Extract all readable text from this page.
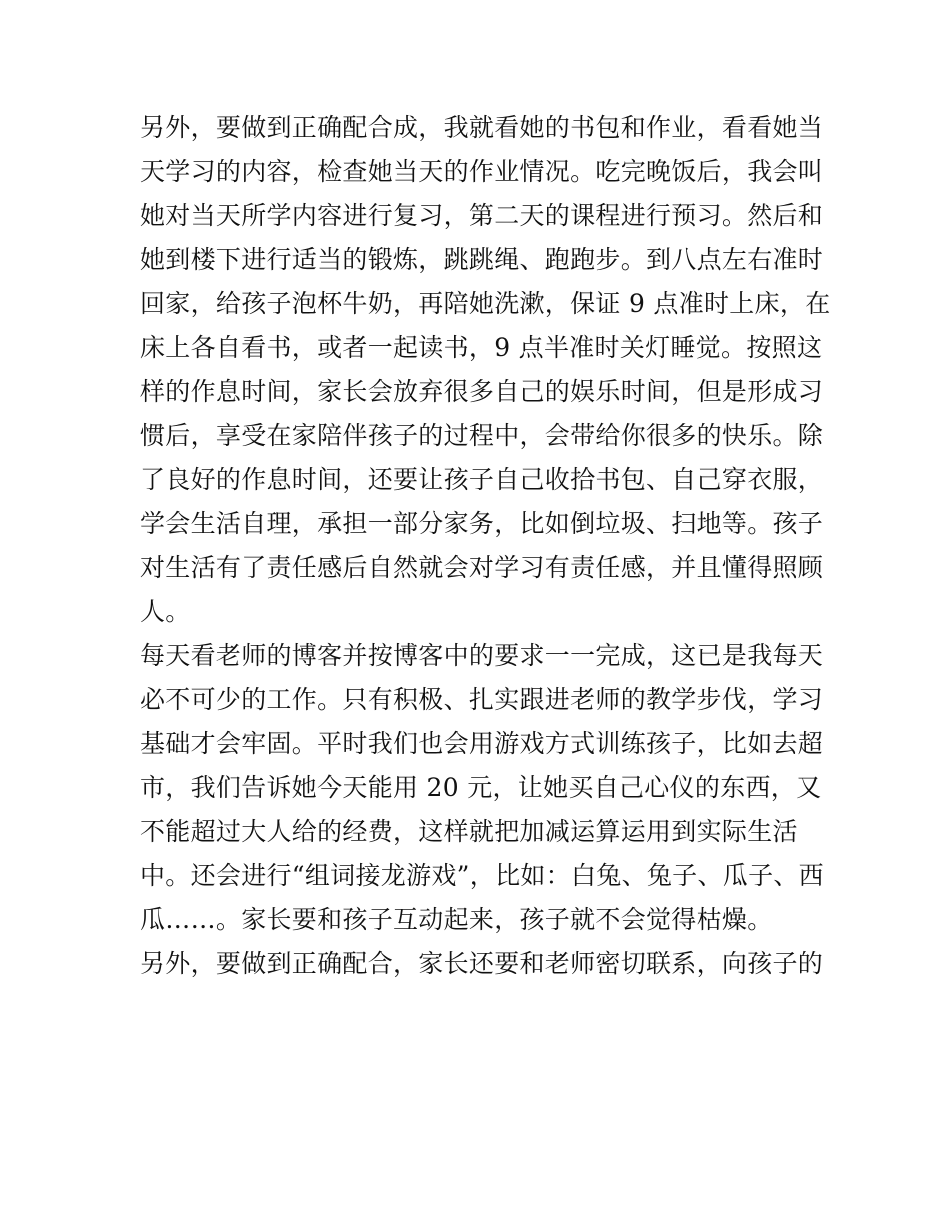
另外，要做到正确配合成，我就看她的书包和作业，看看她当
天学习的内容，检查她当天的作业情况。吃完晚饭后，我会叫
她对当天所学内容进行复习，第二天的课程进行预习。然后和
她到楼下进行适当的锻炼，跳跳绳、跑跑步。到八点左右准时
回家，给孩子泡杯牛奶，再陪她洗漱，保证 9 点准时上床，在
床上各自看书，或者一起读书，9 点半准时关灯睡觉。按照这
样的作息时间，家长会放弃很多自己的娱乐时间，但是形成习
惯后，享受在家陪伴孩子的过程中，会带给你很多的快乐。除
了良好的作息时间，还要让孩子自己收拾书包、自己穿衣服，
学会生活自理，承担一部分家务，比如倒垃圾、扫地等。孩子
对生活有了责任感后自然就会对学习有责任感，并且懂得照顾
人。
每天看老师的博客并按博客中的要求一一完成，这已是我每天
必不可少的工作。只有积极、扎实跟进老师的教学步伐，学习
基础才会牢固。平时我们也会用游戏方式训练孩子，比如去超
市，我们告诉她今天能用 20 元，让她买自己心仪的东西，又
不能超过大人给的经费，这样就把加减运算运用到实际生活
中。还会进行“组词接龙游戏”，比如：白兔、兔子、瓜子、西
瓜……。家长要和孩子互动起来，孩子就不会觉得枯燥。
另外，要做到正确配合，家长还要和老师密切联系，向孩子的
